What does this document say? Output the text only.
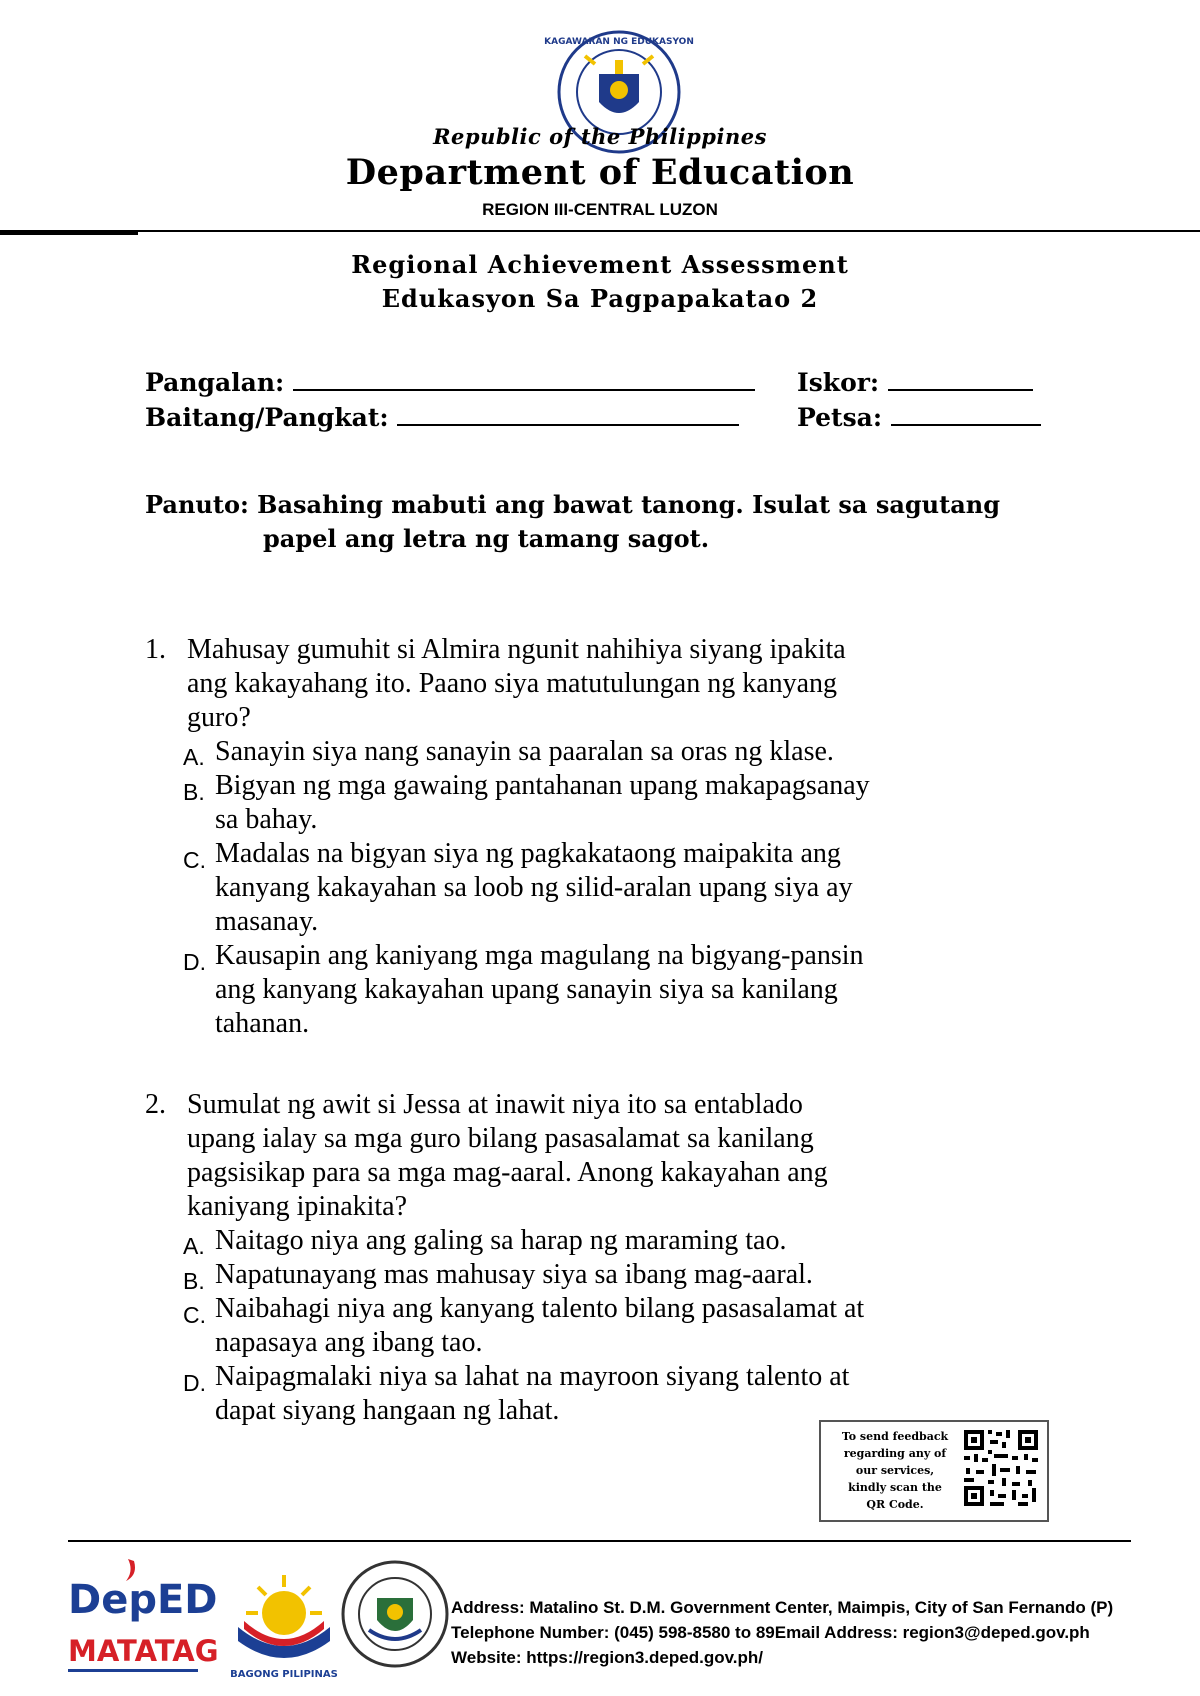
KAGAWARAN NG EDUKASYON
Republic of the Philippines
Department of Education
REGION III-CENTRAL LUZON
Regional Achievement Assessment
Edukasyon Sa Pagpapakatao 2
Pangalan:	Iskor:
Baitang/Pangkat:	Petsa:
Panuto: Basahing mabuti ang bawat tanong. Isulat sa sagutang
papel ang letra ng tamang sagot.
1. Mahusay gumuhit si Almira ngunit nahihiya siyang ipakita
ang kakayahang ito. Paano siya matutulungan ng kanyang
guro?
A. Sanayin siya nang sanayin sa paaralan sa oras ng klase.
B. Bigyan ng mga gawaing pantahanan upang makapagsanay
sa bahay.
C. Madalas na bigyan siya ng pagkakataong maipakita ang
kanyang kakayahan sa loob ng silid-aralan upang siya ay
masanay.
D. Kausapin ang kaniyang mga magulang na bigyang-pansin
ang kanyang kakayahan upang sanayin siya sa kanilang
tahanan.
2. Sumulat ng awit si Jessa at inawit niya ito sa entablado
upang ialay sa mga guro bilang pasasalamat sa kanilang
pagsisikap para sa mga mag-aaral. Anong kakayahan ang
kaniyang ipinakita?
A. Naitago niya ang galing sa harap ng maraming tao.
B. Napatunayang mas mahusay siya sa ibang mag-aaral.
C. Naibahagi niya ang kanyang talento bilang pasasalamat at
napasaya ang ibang tao.
D. Naipagmalaki niya sa lahat na mayroon siyang talento at
dapat siyang hangaan ng lahat.
To send feedback
regarding any of
our services,
kindly scan the
QR Code.
DepED
MATATAG
BAGONG PILIPINAS
Address: Matalino St. D.M. Government Center, Maimpis, City of San Fernando (P)
Telephone Number: (045) 598-8580 to 89Email Address: region3@deped.gov.ph
Website: https://region3.deped.gov.ph/
